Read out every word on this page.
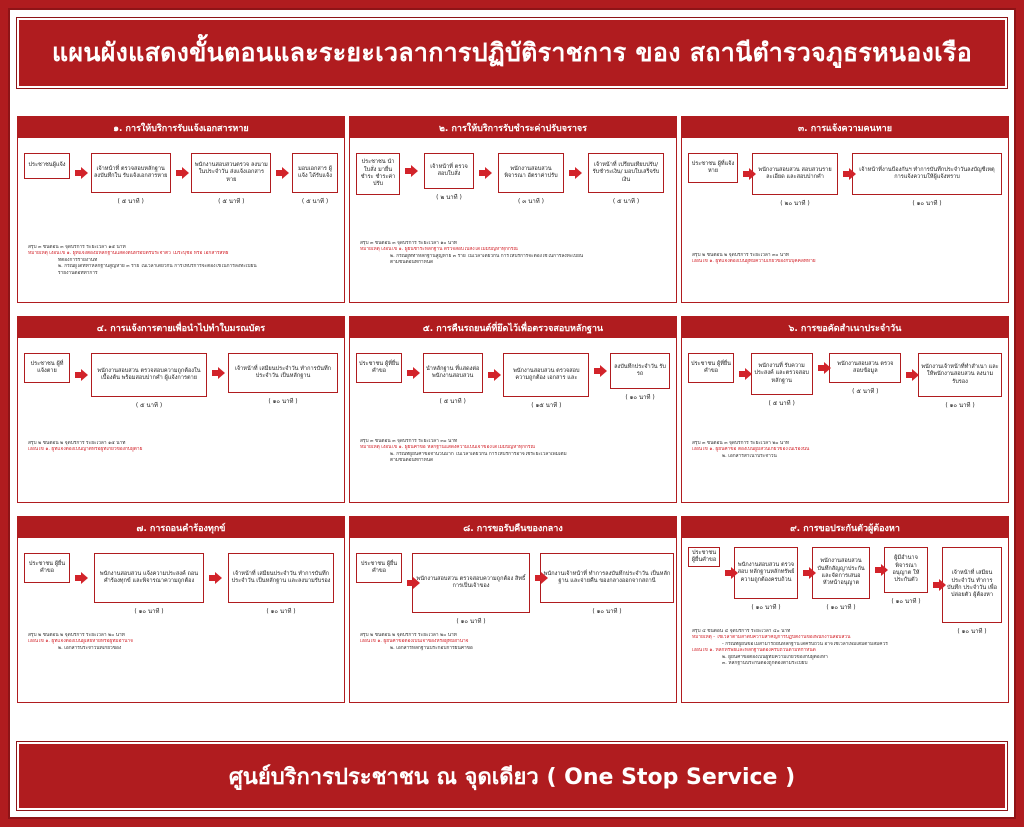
แผนผังแสดงขั้นตอนและระยะเวลาการปฏิบัติราชการ ของ สถานีตำรวจภูธรหนองเรือ
๑. การให้บริการรับแจ้งเอกสารหาย
ประชาชนผู้แจ้ง
เจ้าหน้าที่ ตรวจสอบหลักฐาน ลงบันทึกใน รับแจ้งเอกสารหาย
( ๕ นาที )
พนักงานสอบสวนตรวจ ลงนามในประจำวัน ส่งแจ้งเอกสารหาย
( ๕ นาที )
มอบเอกสาร ผู้แจ้ง ได้รับแจ้ง
( ๕ นาที )
สรุป ๓ ขั้นตอน ๓ จุดบริการ ระยะเวลา ๑๕ นาที
หมายเหตุ เงื่อนไข ๑. ผู้ที่แจ้งต้องมีหลักฐานแสดงตนหรือบัตรประจำตัว ไม่ระบุชื่อ หรือ เอกสารสิทธิ์
ที่ต้องการรายงานที่
๒. กรณีผู้ใดที่ทำหลักฐานสูญหาย ๓ ราย ในเวลาเดียวกัน การให้บริการจะต้องใช้ในการลงทะเบียน
รายงานต่อที่ทำการ
๒. การให้บริการรับชำระค่าปรับจราจร
ประชาชน นำใบสั่ง มายื่นชำระ ชำระค่าปรับ
เจ้าหน้าที่ ตรวจสอบใบสั่ง
( ๒ นาที )
พนักงานสอบสวน พิจารณา อัตราค่าปรับ
( ๓ นาที )
เจ้าหน้าที่ เปรียบเทียบปรับ/ รับชำระเงิน/ มอบใบเสร็จรับเงิน
( ๕ นาที )
สรุป ๓ ขั้นตอน ๓ จุดบริการ ระยะเวลา ๑๐ นาที
หมายเหตุ เงื่อนไข ๑. ผู้ยื่นชำระหลักฐาน ตรวจสอบใบสั่งได้ไม่มีปัญหาทุกกรณี
๒. กรณีผู้ที่ทำหลักฐานสูญหาย ๓ ราย ในเวลาเดียวกัน การให้บริการจะต้องใช้ในการลงทะเบียน
ตามขั้นตอนที่กำหนด
๓. การแจ้งความคนหาย
ประชาชน ผู้ที่แจ้งหาย	พนักงานสอบสวน สอบสวนรายละเอียด และสอบปากคำ
( ๒๐ นาที )
เจ้าหน้าที่งานป้องกันฯ ทำการบันทึกประจำวันลงบัญชีเหตุ การแจ้งความให้ผู้แจ้งทราบ
( ๑๐ นาที )
สรุป ๒ ขั้นตอน ๒ จุดบริการ ระยะเวลา ๓๐ นาที
เงื่อนไข ๑. ผู้ที่แจ้งต้องเป็นผู้ที่มีความเกี่ยวข้องกับบุคคลที่หาย
๔. การแจ้งการตายเพื่อนำไปทำใบมรณบัตร
ประชาชน ผู้ที่แจ้งตาย	พนักงานสอบสวน ตรวจสอบความถูกต้องในเบื้องต้น พร้อมสอบปากคำ ผู้แจ้งการตาย
( ๕ นาที )
เจ้าหน้าที่ เสมียนประจำวัน ทำการบันทึกประจำวัน เป็นหลักฐาน
( ๑๐ นาที )
สรุป ๒ ขั้นตอน ๒ จุดบริการ ระยะเวลา ๑๕ นาที
เงื่อนไข ๑. ผู้ที่แจ้งต้องเป็นญาติหรือผู้ที่เกี่ยวข้องกับผู้ตาย
๕. การคืนรถยนต์ที่ยึดไว้เพื่อตรวจสอบหลักฐาน
ประชาชน ผู้ที่ยื่นคำขอ	นำหลักฐาน ที่แสดงต่อ พนักงานสอบสวน
( ๕ นาที )
พนักงานสอบสวน ตรวจสอบความถูกต้อง เอกสาร และ
( ๑๕ นาที )
ลงบันทึกประจำวัน รับรถ
( ๑๐ นาที )
สรุป ๓ ขั้นตอน ๓ จุดบริการ ระยะเวลา ๓๐ นาที
หมายเหตุ เงื่อนไข ๑. ผู้ยื่นคำขอ หลักฐานแสดงความเป็นเจ้าของได้ไม่มีปัญหาทุกกรณี
๒. กรณีที่ผู้ยื่นคำขอจำนวนมาก ในเวลาเดียวกัน การให้บริการอาจใช้ระยะเวลาเพิ่มเติม
ตามขั้นตอนที่กำหนด
๖. การขอคัดสำเนาประจำวัน
ประชาชน ผู้ที่ยื่นคำขอ
พนักงานที่ รับความประสงค์ และตรวจสอบหลักฐาน
( ๕ นาที )
พนักงานสอบสวน ตรวจสอบข้อมูล
( ๕ นาที )
พนักงานเจ้าหน้าที่ทำสำเนา และให้พนักงานสอบสวน ลงนามรับรอง
( ๑๐ นาที )
สรุป ๓ ขั้นตอน ๓ จุดบริการ ระยะเวลา ๒๐ นาที
เงื่อนไข ๑. ผู้ยื่นคำขอ ต้องเป็นผู้มีส่วนเกี่ยวข้องในเรื่องนั้น
๒. เอกสารสำเนาประจำวัน
๗. การถอนคำร้องทุกข์
ประชาชน ผู้ยื่นคำขอ	พนักงานสอบสวน แจ้งความประสงค์ ถอนคำร้องทุกข์ และพิจารณาความถูกต้อง
( ๑๐ นาที )
เจ้าหน้าที่ เสมียนประจำวัน ทำการบันทึกประจำวัน เป็นหลักฐาน และลงนามรับรอง
( ๑๐ นาที )
สรุป ๒ ขั้นตอน ๒ จุดบริการ ระยะเวลา ๒๐ นาที
เงื่อนไข ๑. ผู้ที่แจ้งต้องเป็นผู้เสียหายหรือผู้ที่มีอำนาจ
๒. เอกสารประจำวันที่เกี่ยวข้อง
๘. การขอรับคืนของกลาง
ประชาชน ผู้ยื่นคำขอ
พนักงานสอบสวน ตรวจสอบความถูกต้อง สิทธิ์การเป็นเจ้าของ
( ๑๐ นาที )
พนักงานเจ้าหน้าที่ ทำการลงบันทึกประจำวัน เป็นหลักฐาน และจ่ายคืน ของกลางออกจากสถานี
( ๑๐ นาที )
สรุป ๒ ขั้นตอน ๒ จุดบริการ ระยะเวลา ๒๐ นาที
เงื่อนไข ๑. ผู้ยื่นคำขอต้องเป็นเจ้าของหรือผู้ที่มีอำนาจ
๒. เอกสารหลักฐานประกอบการยื่นคำขอ
๙. การขอประกันตัวผู้ต้องหา
ประชาชน ผู้ยื่นคำขอ
พนักงานสอบสวน ตรวจสอบ หลักฐานหลักทรัพย์ ความถูกต้องครบถ้วน
( ๑๐ นาที )
พนักงานสอบสวน บันทึกสัญญาประกัน และจัดการเสนอ หัวหน้าอนุญาต
( ๑๐ นาที )
ผู้มีอำนาจ พิจารณา อนุญาต ให้ประกันตัว
( ๑๐ นาที )
เจ้าหน้าที่ เสมียนประจำวัน ทำการบันทึก ประจำวัน เพื่อปล่อยตัว ผู้ต้องหา
( ๑๐ นาที )
สรุป ๔ ขั้นตอน ๔ จุดบริการ ระยะเวลา ๔๐ นาที
หมายเหตุ - ใช้เวลาตามลำดับความสำคัญการปฏิบัติงานของพนักงานสอบสวน
- กรณีที่ผู้ยื่นขอไม่สามารถยื่นหลักฐานได้ครบถ้วน อาจใช้เวลาเพิ่มเติมตามสมควร
เงื่อนไข ๑. หลักทรัพย์และหลักฐานต้องครบถ้วนตามที่กำหนด
๒. ผู้ยื่นคำขอต้องเป็นผู้ที่มีความเกี่ยวข้องกับผู้ต้องหา
๓. หลักฐานประกันต้องถูกต้องตามระเบียบ
ศูนย์บริการประชาชน ณ จุดเดียว ( One Stop Service )
